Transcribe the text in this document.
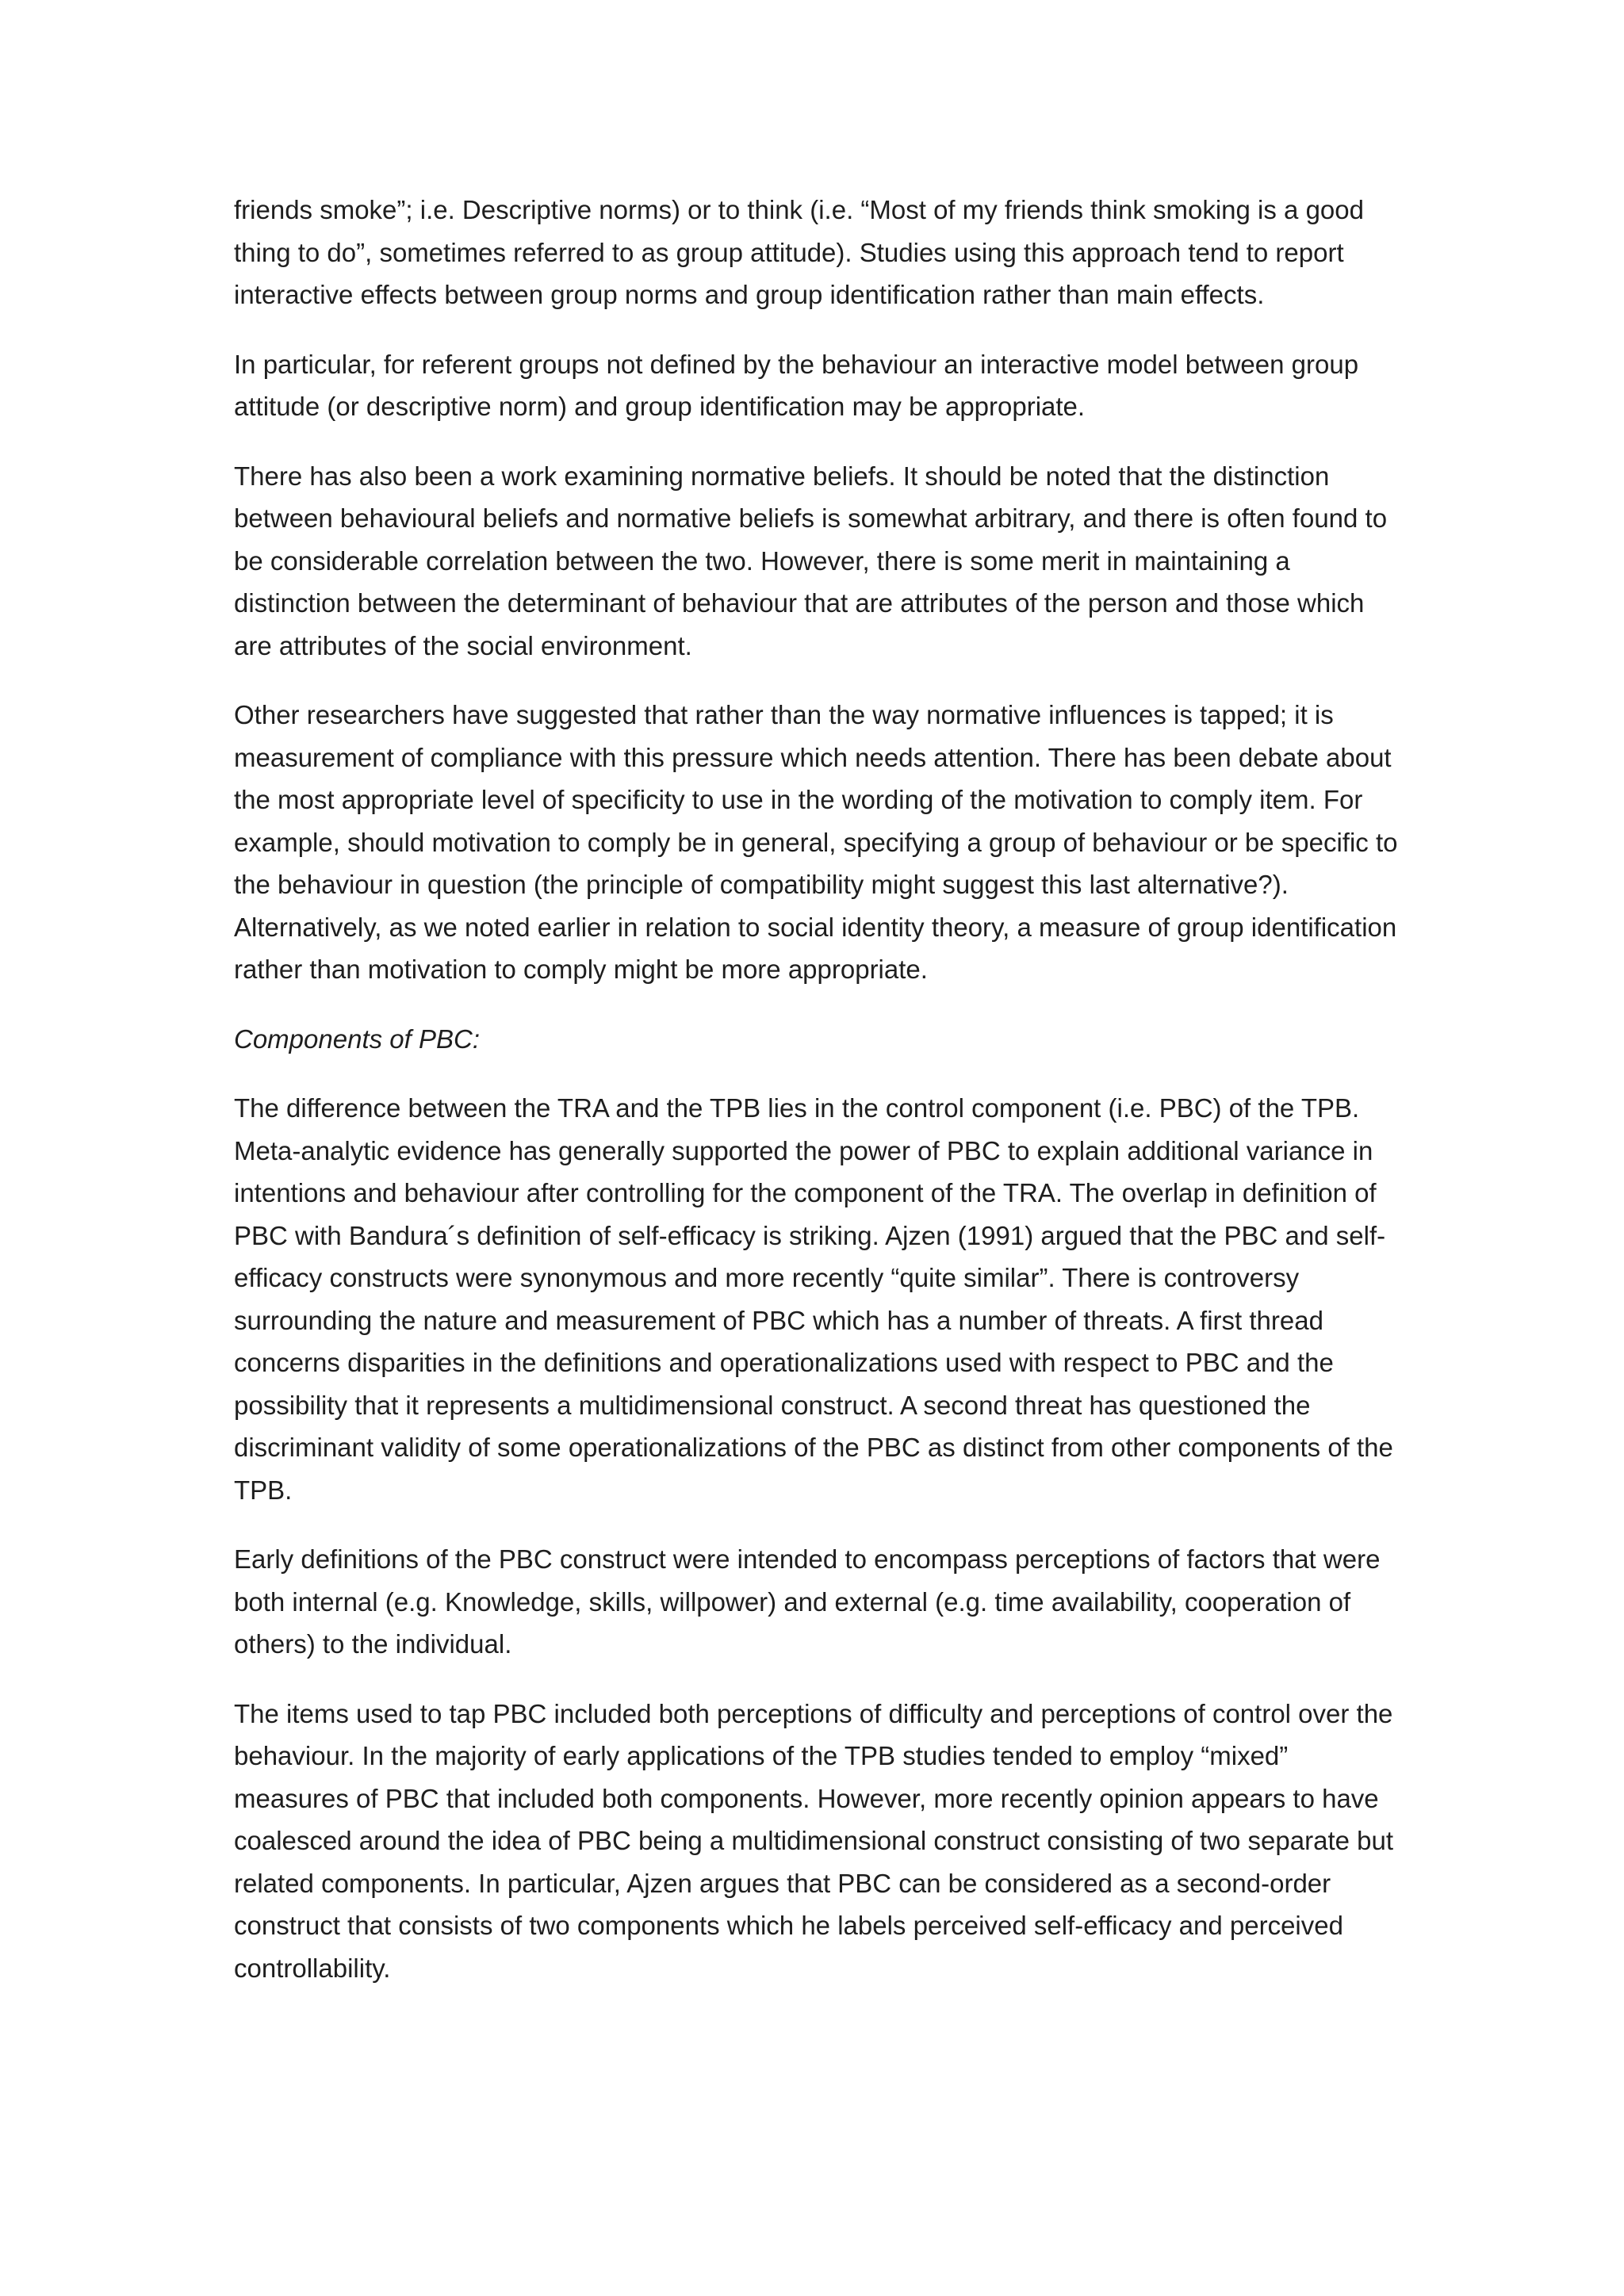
friends smoke”; i.e. Descriptive norms) or to think (i.e. “Most of my friends think smoking is a good thing to do”, sometimes referred to as group attitude). Studies using this approach tend to report interactive effects between group norms and group identification rather than main effects.

In particular, for referent groups not defined by the behaviour an interactive model between group attitude (or descriptive norm) and group identification may be appropriate.

There has also been a work examining normative beliefs. It should be noted that the distinction between behavioural beliefs and normative beliefs is somewhat arbitrary, and there is often found to be considerable correlation between the two. However, there is some merit in maintaining a distinction between the determinant of behaviour that are attributes of the person and those which are attributes of the social environment.

Other researchers have suggested that rather than the way normative influences is tapped; it is measurement of compliance with this pressure which needs attention. There has been debate about the most appropriate level of specificity to use in the wording of the motivation to comply item. For example, should motivation to comply be in general, specifying a group of behaviour or be specific to the behaviour in question (the principle of compatibility might suggest this last alternative?). Alternatively, as we noted earlier in relation to social identity theory, a measure of group identification rather than motivation to comply might be more appropriate.

Components of PBC:

The difference between the TRA and the TPB lies in the control component (i.e. PBC) of the TPB. Meta-analytic evidence has generally supported the power of PBC to explain additional variance in intentions and behaviour after controlling for the component of the TRA. The overlap in definition of PBC with Bandura´s definition of self-efficacy is striking. Ajzen (1991) argued that the PBC and self-efficacy constructs were synonymous and more recently “quite similar”. There is controversy surrounding the nature and measurement of PBC which has a number of threats. A first thread concerns disparities in the definitions and operationalizations used with respect to PBC and the possibility that it represents a multidimensional construct. A second threat has questioned the discriminant validity of some operationalizations of the PBC as distinct from other components of the TPB.

Early definitions of the PBC construct were intended to encompass perceptions of factors that were both internal (e.g. Knowledge, skills, willpower) and external (e.g. time availability, cooperation of others) to the individual.

The items used to tap PBC included both perceptions of difficulty and perceptions of control over the behaviour. In the majority of early applications of the TPB studies tended to employ “mixed” measures of PBC that included both components. However, more recently opinion appears to have coalesced around the idea of PBC being a multidimensional construct consisting of two separate but related components. In particular, Ajzen argues that PBC can be considered as a second-order construct that consists of two components which he labels perceived self-efficacy and perceived controllability.
